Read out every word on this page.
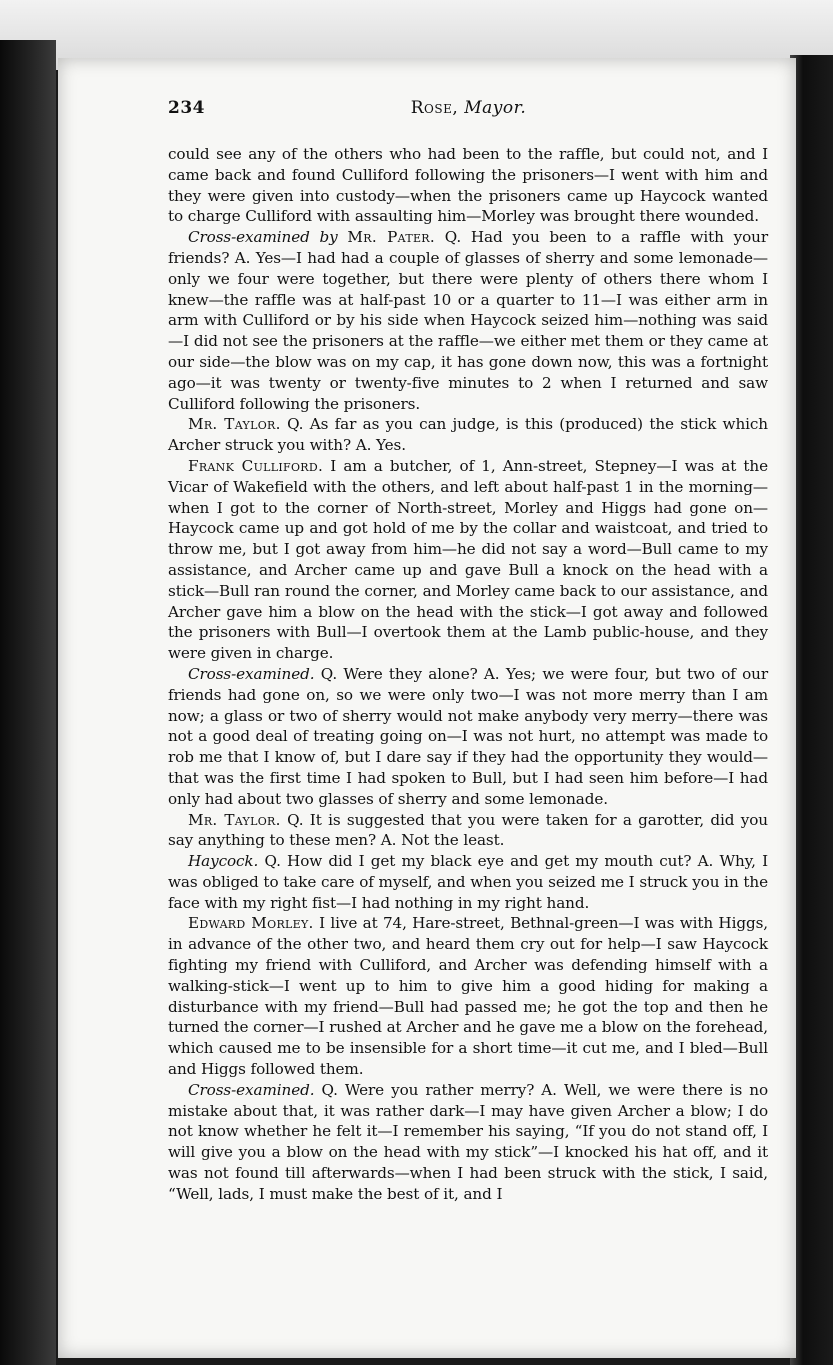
234	Rose, Mayor.

could see any of the others who had been to the raffle, but could not, and I came back and found Culliford following the prisoners—I went with him and they were given into custody—when the prisoners came up Haycock wanted to charge Culliford with assaulting him—Morley was brought there wounded.

Cross-examined by Mr. Pater. Q. Had you been to a raffle with your friends? A. Yes—I had had a couple of glasses of sherry and some lemonade—only we four were together, but there were plenty of others there whom I knew—the raffle was at half-past 10 or a quarter to 11—I was either arm in arm with Culliford or by his side when Haycock seized him—nothing was said—I did not see the prisoners at the raffle—we either met them or they came at our side—the blow was on my cap, it has gone down now, this was a fortnight ago—it was twenty or twenty-five minutes to 2 when I returned and saw Culliford following the prisoners.

Mr. Taylor. Q. As far as you can judge, is this (produced) the stick which Archer struck you with? A. Yes.

Frank Culliford. I am a butcher, of 1, Ann-street, Stepney—I was at the Vicar of Wakefield with the others, and left about half-past 1 in the morning—when I got to the corner of North-street, Morley and Higgs had gone on—Haycock came up and got hold of me by the collar and waistcoat, and tried to throw me, but I got away from him—he did not say a word—Bull came to my assistance, and Archer came up and gave Bull a knock on the head with a stick—Bull ran round the corner, and Morley came back to our assistance, and Archer gave him a blow on the head with the stick—I got away and followed the prisoners with Bull—I overtook them at the Lamb public-house, and they were given in charge.

Cross-examined. Q. Were they alone? A. Yes; we were four, but two of our friends had gone on, so we were only two—I was not more merry than I am now; a glass or two of sherry would not make anybody very merry—there was not a good deal of treating going on—I was not hurt, no attempt was made to rob me that I know of, but I dare say if they had the opportunity they would—that was the first time I had spoken to Bull, but I had seen him before—I had only had about two glasses of sherry and some lemonade.

Mr. Taylor. Q. It is suggested that you were taken for a garotter, did you say anything to these men? A. Not the least.

Haycock. Q. How did I get my black eye and get my mouth cut? A. Why, I was obliged to take care of myself, and when you seized me I struck you in the face with my right fist—I had nothing in my right hand.

Edward Morley. I live at 74, Hare-street, Bethnal-green—I was with Higgs, in advance of the other two, and heard them cry out for help—I saw Haycock fighting my friend with Culliford, and Archer was defending himself with a walking-stick—I went up to him to give him a good hiding for making a disturbance with my friend—Bull had passed me; he got the top and then he turned the corner—I rushed at Archer and he gave me a blow on the forehead, which caused me to be insensible for a short time—it cut me, and I bled—Bull and Higgs followed them.

Cross-examined. Q. Were you rather merry? A. Well, we were there is no mistake about that, it was rather dark—I may have given Archer a blow; I do not know whether he felt it—I remember his saying, “If you do not stand off, I will give you a blow on the head with my stick”—I knocked his hat off, and it was not found till afterwards—when I had been struck with the stick, I said, “Well, lads, I must make the best of it, and I
